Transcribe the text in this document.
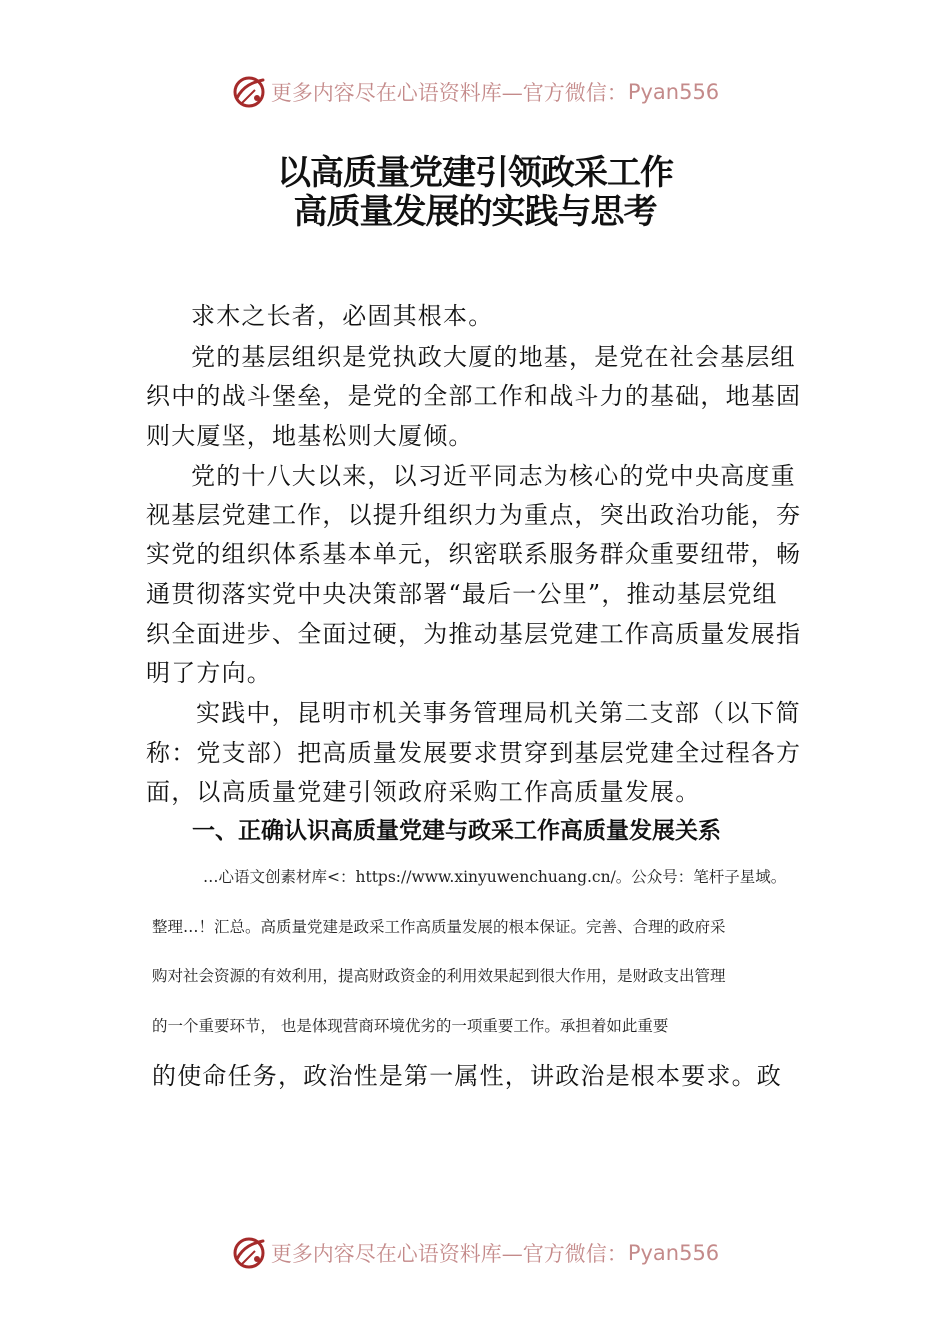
更多内容尽在心语资料库—官方微信： Pyan556
以高质量党建引领政采工作
高质量发展的实践与思考
求木之长者，必固其根本。
党的基层组织是党执政大厦的地基，是党在社会基层组
织中的战斗堡垒，是党的全部工作和战斗力的基础，地基固
则大厦坚，地基松则大厦倾。
党的十八大以来，以习近平同志为核心的党中央高度重
视基层党建工作，以提升组织力为重点，突出政治功能，夯
实党的组织体系基本单元，织密联系服务群众重要纽带，畅
通贯彻落实党中央决策部署“最后一公里”，推动基层党组
织全面进步、全面过硬，为推动基层党建工作高质量发展指
明了方向。
实践中，昆明市机关事务管理局机关第二支部（以下简
称：党支部）把高质量发展要求贯穿到基层党建全过程各方
面，以高质量党建引领政府采购工作高质量发展。
一、正确认识高质量党建与政采工作高质量发展关系
…心语文创素材库<：https://www.xinyuwenchuang.cn/。公众号：笔杆子星域。
整理…！汇总。高质量党建是政采工作高质量发展的根本保证。完善、合理的政府采
购对社会资源的有效利用，提高财政资金的利用效果起到很大作用，是财政支出管理
的一个重要环节， 也是体现营商环境优劣的一项重要工作。承担着如此重要
的使命任务，政治性是第一属性，讲政治是根本要求。政
更多内容尽在心语资料库—官方微信： Pyan556
